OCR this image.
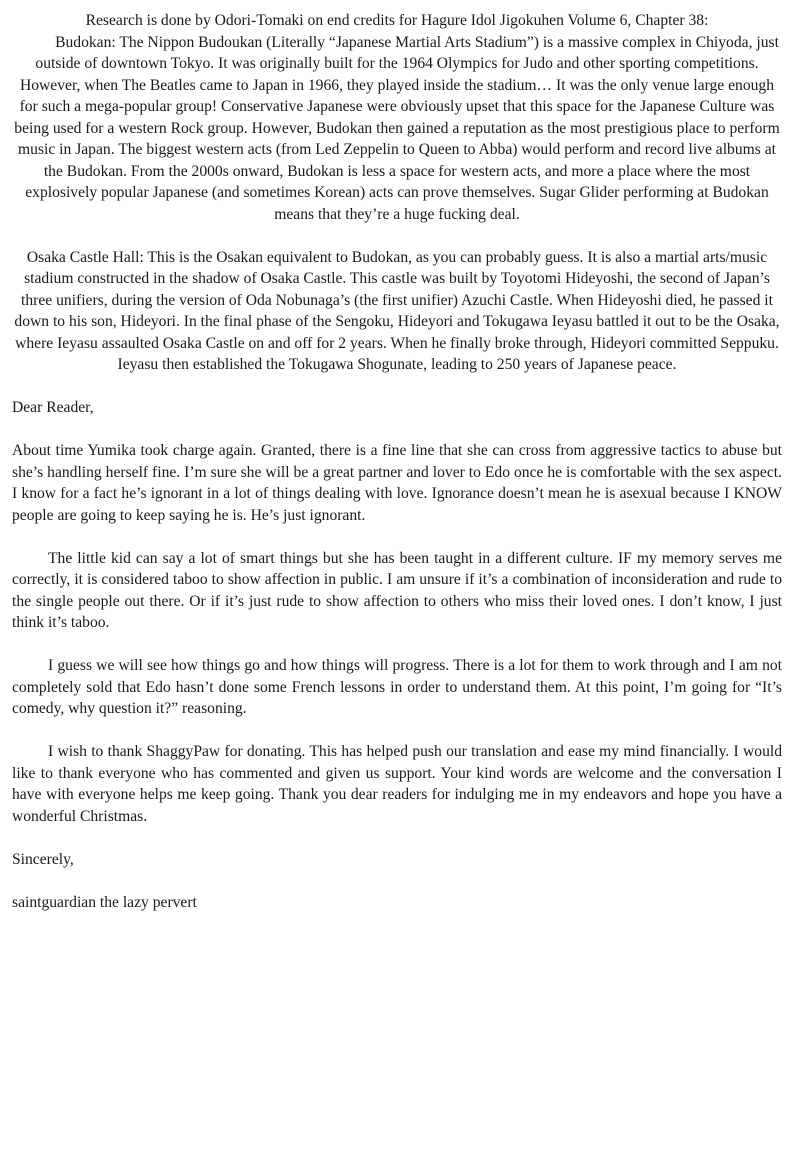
Research is done by Odori-Tomaki on end credits for Hagure Idol Jigokuhen Volume 6, Chapter 38:

Budokan: The Nippon Budoukan (Literally “Japanese Martial Arts Stadium”) is a massive complex in Chiyoda, just outside of downtown Tokyo. It was originally built for the 1964 Olympics for Judo and other sporting competitions. However, when The Beatles came to Japan in 1966, they played inside the stadium… It was the only venue large enough for such a mega-popular group! Conservative Japanese were obviously upset that this space for the Japanese Culture was being used for a western Rock group. However, Budokan then gained a reputation as the most prestigious place to perform music in Japan. The biggest western acts (from Led Zeppelin to Queen to Abba) would perform and record live albums at the Budokan. From the 2000s onward, Budokan is less a space for western acts, and more a place where the most explosively popular Japanese (and sometimes Korean) acts can prove themselves. Sugar Glider performing at Budokan means that they’re a huge fucking deal.

Osaka Castle Hall: This is the Osakan equivalent to Budokan, as you can probably guess. It is also a martial arts/music stadium constructed in the shadow of Osaka Castle. This castle was built by Toyotomi Hideyoshi, the second of Japan’s three unifiers, during the version of Oda Nobunaga’s (the first unifier) Azuchi Castle. When Hideyoshi died, he passed it down to his son, Hideyori. In the final phase of the Sengoku, Hideyori and Tokugawa Ieyasu battled it out to be the Osaka, where Ieyasu assaulted Osaka Castle on and off for 2 years. When he finally broke through, Hideyori committed Seppuku. Ieyasu then established the Tokugawa Shogunate, leading to 250 years of Japanese peace.

Dear Reader,

About time Yumika took charge again. Granted, there is a fine line that she can cross from aggressive tactics to abuse but she’s handling herself fine. I’m sure she will be a great partner and lover to Edo once he is comfortable with the sex aspect. I know for a fact he’s ignorant in a lot of things dealing with love. Ignorance doesn’t mean he is asexual because I KNOW people are going to keep saying he is. He’s just ignorant.

The little kid can say a lot of smart things but she has been taught in a different culture. IF my memory serves me correctly, it is considered taboo to show affection in public. I am unsure if it’s a combination of inconsideration and rude to the single people out there. Or if it’s just rude to show affection to others who miss their loved ones. I don’t know, I just think it’s taboo.

I guess we will see how things go and how things will progress. There is a lot for them to work through and I am not completely sold that Edo hasn’t done some French lessons in order to understand them. At this point, I’m going for “It’s comedy, why question it?” reasoning.

I wish to thank ShaggyPaw for donating. This has helped push our translation and ease my mind financially. I would like to thank everyone who has commented and given us support. Your kind words are welcome and the conversation I have with everyone helps me keep going. Thank you dear readers for indulging me in my endeavors and hope you have a wonderful Christmas.

Sincerely,

saintguardian the lazy pervert
